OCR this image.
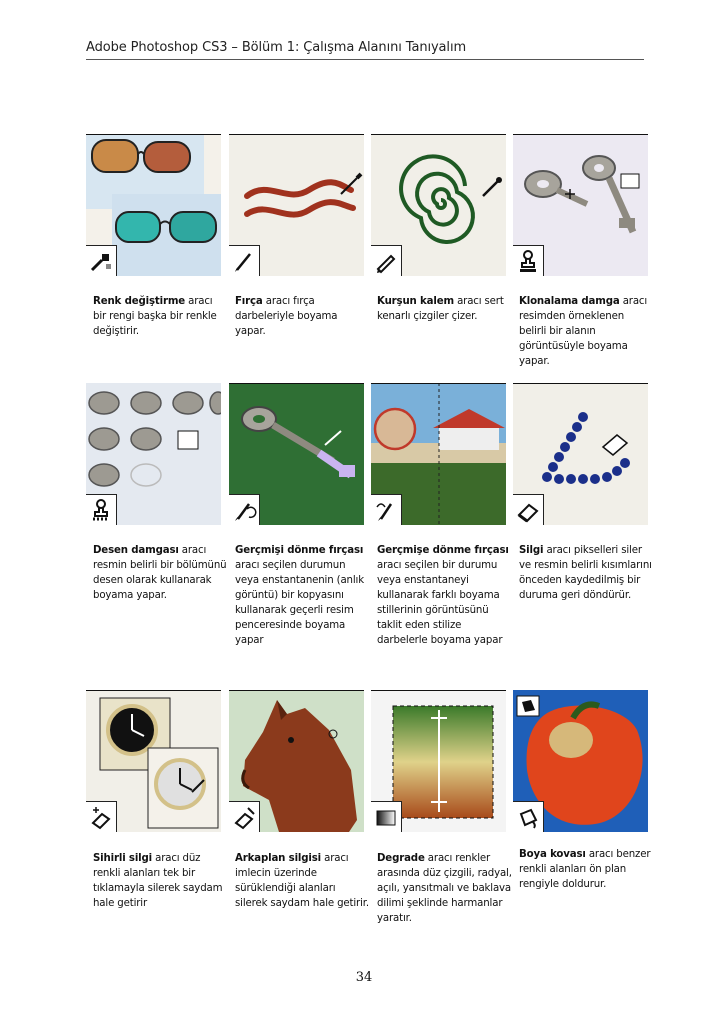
Adobe Photoshop CS3 – Bölüm 1: Çalışma Alanını Tanıyalım
Renk değiştirme aracı bir rengi başka bir renkle değiştirir.
Fırça aracı fırça darbeleriyle boyama yapar.
Kurşun kalem aracı sert kenarlı çizgiler çizer.
Klonalama damga aracı resimden örneklenen belirli bir alanın görüntüsüyle boyama yapar.
Desen damgası aracı resmin belirli bir bölümünü desen olarak kullanarak boyama yapar.
Gerçmişi dönme fırçası aracı seçilen durumun veya enstantanenin (anlık görüntü) bir kopyasını kullanarak geçerli resim penceresinde boyama yapar
Gerçmişe dönme fırçası aracı seçilen bir durumu veya enstantaneyi kullanarak farklı boyama stillerinin görüntüsünü taklit eden stilize darbelerle boyama yapar
Silgi aracı pikselleri siler ve resmin belirli kısımlarını önceden kaydedilmiş bir duruma geri döndürür.
Sihirli silgi aracı düz renkli alanları tek bir tıklamayla silerek saydam hale getirir
Arkaplan silgisi aracı imlecin üzerinde sürüklendiği alanları silerek saydam hale getirir.
Degrade aracı renkler arasında düz çizgili, radyal, açılı, yansıtmalı ve baklava dilimi şeklinde harmanlar yaratır.
Boya kovası aracı benzer renkli alanları ön plan rengiyle doldurur.
34
